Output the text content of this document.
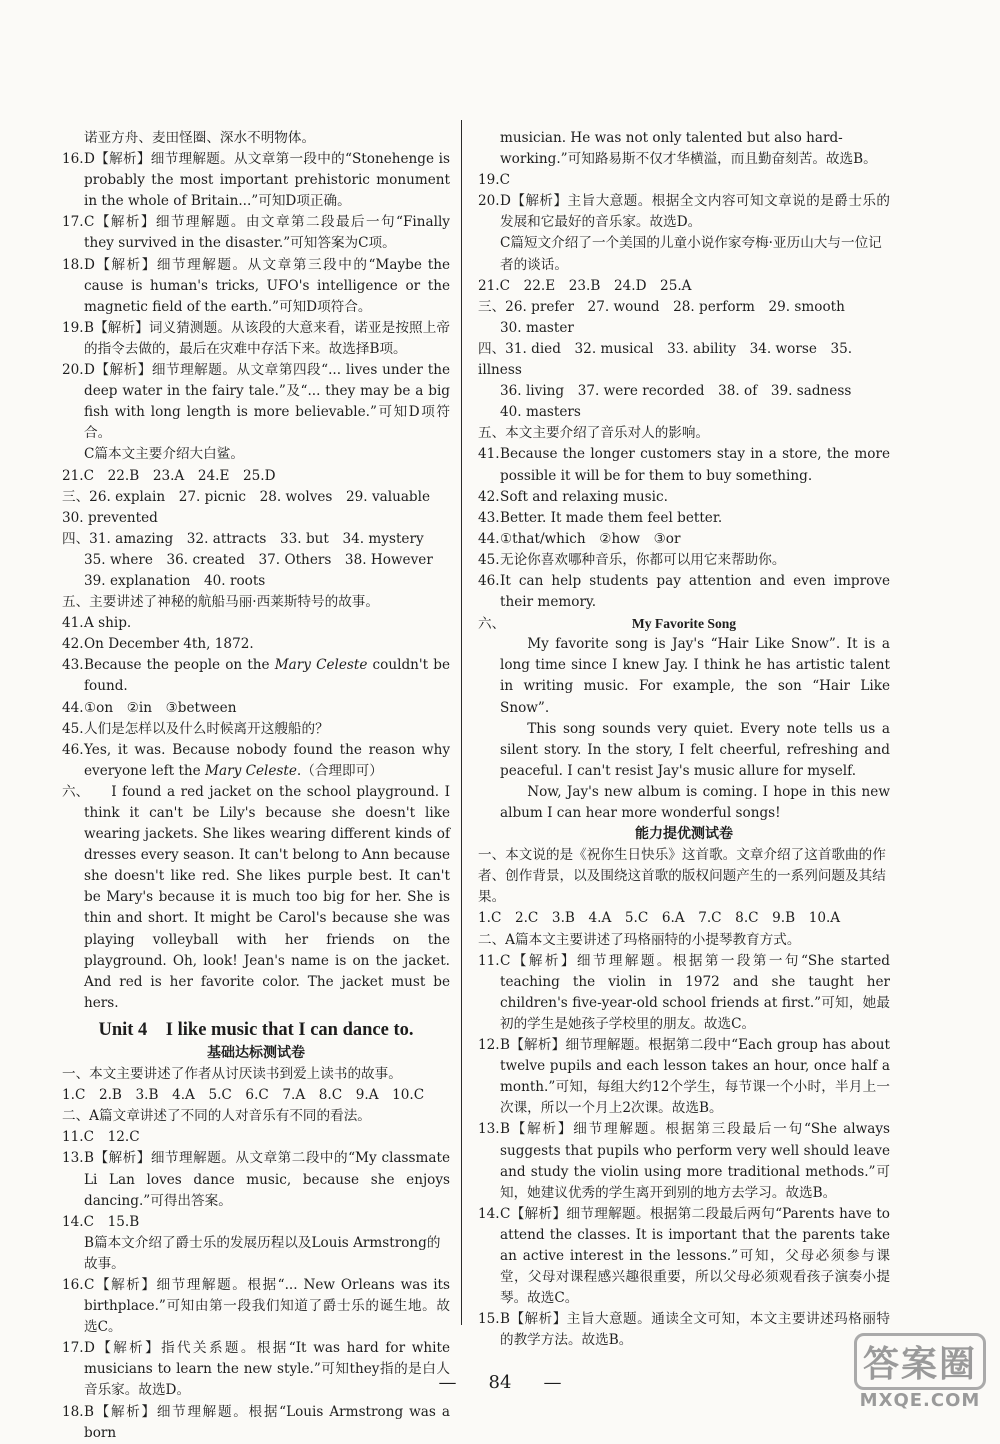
诺亚方舟、麦田怪圈、深水不明物体。
16. D【解析】细节理解题。从文章第一段中的“Stonehenge is probably the most important prehistoric monument in the whole of Britain...”可知D项正确。
17. C【解析】细节理解题。由文章第二段最后一句“Finally they survived in the disaster.”可知答案为C项。
18. D【解析】细节理解题。从文章第三段中的“Maybe the cause is human's tricks, UFO's intelligence or the magnetic field of the earth.”可知D项符合。
19. B【解析】词义猜测题。从该段的大意来看，诺亚是按照上帝的指令去做的，最后在灾难中存活下来。故选择B项。
20. D【解析】细节理解题。从文章第四段“... lives under the deep water in the fairy tale.”及“... they may be a big fish with long length is more believable.”可知D项符合。
C篇本文主要介绍大白鲨。
21.C　22.B　23.A　24.E　25.D
三、26. explain　27. picnic　28. wolves　29. valuable　30. prevented
四、31. amazing　32. attracts　33. but　34. mystery
35. where　36. created　37. Others　38. However
39. explanation　40. roots
五、主要讲述了神秘的航船马丽·西莱斯特号的故事。
41. A ship.
42. On December 4th, 1872.
43. Because the people on the Mary Celeste couldn't be found.
44. ①on　②in　③between
45. 人们是怎样以及什么时候离开这艘船的？
46. Yes, it was. Because nobody found the reason why everyone left the Mary Celeste.（合理即可）
六、	I found a red jacket on the school playground. I think it can't be Lily's because she doesn't like wearing jackets. She likes wearing different kinds of dresses every season. It can't belong to Ann because she doesn't like red. She likes purple best. It can't be Mary's because it is much too big for her. She is thin and short. It might be Carol's because she was playing volleyball with her friends on the playground. Oh, look! Jean's name is on the jacket. And red is her favorite color. The jacket must be hers.
Unit 4　I like music that I can dance to.
基础达标测试卷
一、本文主要讲述了作者从讨厌读书到爱上读书的故事。
1.C　2.B　3.B　4.A　5.C　6.C　7.A　8.C　9.A　10.C
二、A篇文章讲述了不同的人对音乐有不同的看法。
11.C　12.C
13. B【解析】细节理解题。从文章第二段中的“My classmate Li Lan loves dance music, because she enjoys dancing.”可得出答案。
14.C　15.B
B篇本文介绍了爵士乐的发展历程以及Louis Armstrong的故事。
16. C【解析】细节理解题。根据“... New Orleans was its birthplace.”可知由第一段我们知道了爵士乐的诞生地。故选C。
17. D【解析】指代关系题。根据“It was hard for white musicians to learn the new style.”可知they指的是白人音乐家。故选D。
18. B【解析】细节理解题。根据“Louis Armstrong was a born
musician. He was not only talented but also hard-working.”可知路易斯不仅才华横溢，而且勤奋刻苦。故选B。
19.C
20. D【解析】主旨大意题。根据全文内容可知文章说的是爵士乐的发展和它最好的音乐家。故选D。
C篇短文介绍了一个美国的儿童小说作家夸梅·亚历山大与一位记者的谈话。
21.C　22.E　23.B　24.D　25.A
三、26. prefer　27. wound　28. perform　29. smooth
30. master
四、31. died　32. musical　33. ability　34. worse　35. illness
36. living　37. were recorded　38. of　39. sadness
40. masters
五、本文主要介绍了音乐对人的影响。
41. Because the longer customers stay in a store, the more possible it will be for them to buy something.
42. Soft and relaxing music.
43. Better. It made them feel better.
44. ①that/which　②how　③or
45. 无论你喜欢哪种音乐，你都可以用它来帮助你。
46. It can help students pay attention and even improve their memory.
六、	My Favorite Song
My favorite song is Jay's “Hair Like Snow”. It is a long time since I knew Jay. I think he has artistic talent in writing music. For example, the son “Hair Like Snow”.
This song sounds very quiet. Every note tells us a silent story. In the story, I felt cheerful, refreshing and peaceful. I can't resist Jay's music allure for myself.
Now, Jay's new album is coming. I hope in this new album I can hear more wonderful songs!
能力提优测试卷
一、本文说的是《祝你生日快乐》这首歌。文章介绍了这首歌曲的作者、创作背景，以及围绕这首歌的版权问题产生的一系列问题及其结果。
1.C　2.C　3.B　4.A　5.C　6.A　7.C　8.C　9.B　10.A
二、A篇本文主要讲述了玛格丽特的小提琴教育方式。
11. C【解析】细节理解题。根据第一段第一句“She started teaching the violin in 1972 and she taught her children's five-year-old school friends at first.”可知，她最初的学生是她孩子学校里的朋友。故选C。
12. B【解析】细节理解题。根据第二段中“Each group has about twelve pupils and each lesson takes an hour, once half a month.”可知，每组大约12个学生，每节课一个小时，半月上一次课，所以一个月上2次课。故选B。
13. B【解析】细节理解题。根据第三段最后一句“She always suggests that pupils who perform very well should leave and study the violin using more traditional methods.”可知，她建议优秀的学生离开到别的地方去学习。故选B。
14. C【解析】细节理解题。根据第二段最后两句“Parents have to attend the classes. It is important that the parents take an active interest in the lessons.”可知，父母必须参与课堂，父母对课程感兴趣很重要，所以父母必须观看孩子演奏小提琴。故选C。
15. B【解析】主旨大意题。通读全文可知，本文主要讲述玛格丽特的教学方法。故选B。
— 84 —	答案圈
MXQE.COM
